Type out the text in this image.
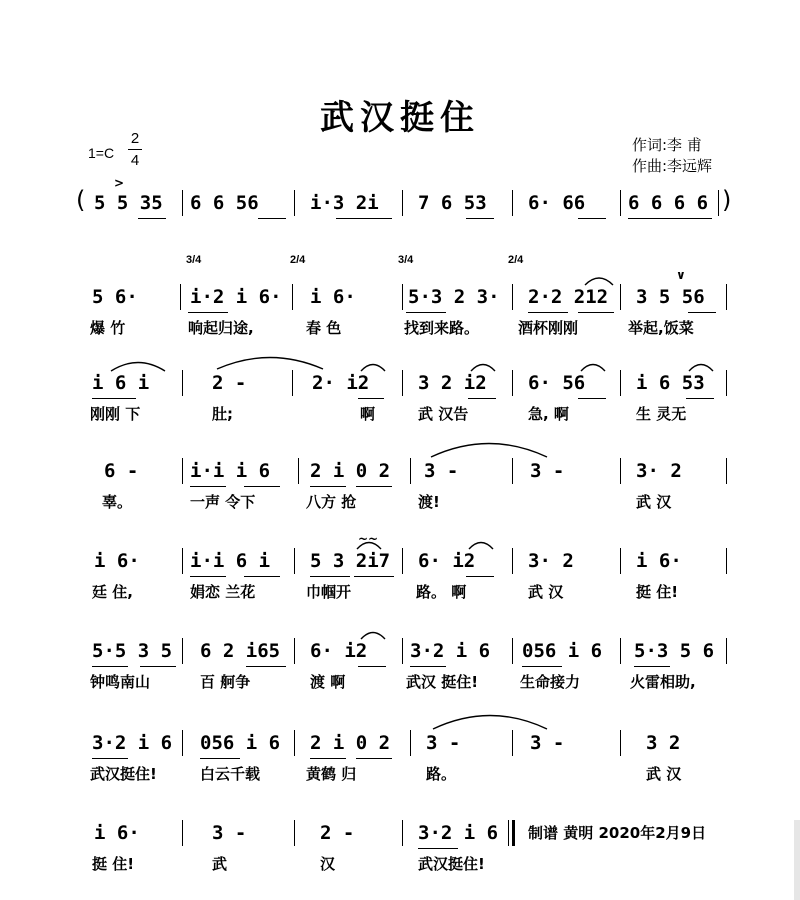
武汉挺住
1=C
2
4
作词:李 甫
作曲:李远辉
(
>
5 5 35 6 6 56	i·3 2i 7 6 53 6· 66 6 6 6 6 )
5 6·
爆 竹
3/4
i·2 i 6·
响起归途,
2/4
i 6·
春 色
3/4
5·3 2 3·
找到来路。
2/4
2·2 212
酒杯刚刚
∨
3 5 56
举起,饭菜
i 6 i
刚刚 下
2 -
肚;
2· i2
啊
3 2 i2
武 汉告
6· 56
急, 啊
i 6 53
生 灵无
6 -
辜。
i·i i 6
一声 令下
2 i 0 2
八方 抢
3 -
渡!
3 -	3· 2
武 汉
i 6·
廷 住,
i·i 6 i
娟恋 兰花
~~
5 3 2i7
巾帼开
6· i2
路。 啊
3· 2
武 汉
i 6·
挺 住!
5·5 3 5
钟鸣南山
6 2 i65
百 舸争
6· i2
渡 啊
3·2 i 6
武汉 挺住!
056 i 6
生命接力
5·3 5 6
火雷相助,
3·2 i 6
武汉挺住!
056 i 6
白云千载
2 i 0 2
黄鹤 归
3 -
路。
3 -	3 2
武 汉
i 6·
挺 住!
3 -
武
2 -
汉
3·2 i 6
武汉挺住!
制谱 黄明 2020年2月9日
